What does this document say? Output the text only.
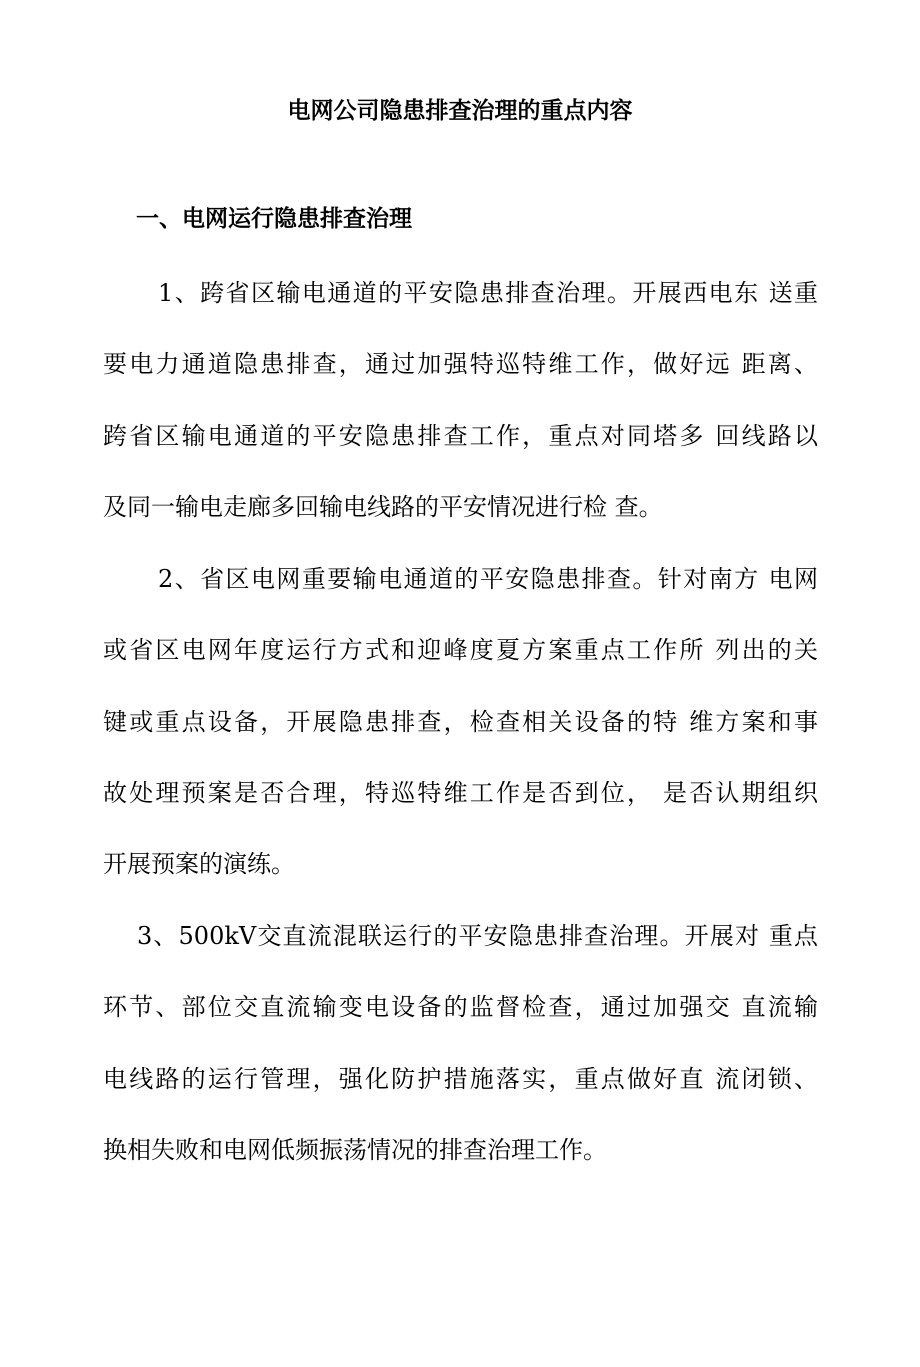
电网公司隐患排查治理的重点内容
一、电网运行隐患排查治理

1、跨省区输电通道的平安隐患排查治理。开展西电东 送重

要电力通道隐患排查，通过加强特巡特维工作，做好远 距离、

跨省区输电通道的平安隐患排查工作，重点对同塔多 回线路以

及同一输电走廊多回输电线路的平安情况进行检 查。

2、省区电网重要输电通道的平安隐患排查。针对南方 电网

或省区电网年度运行方式和迎峰度夏方案重点工作所 列出的关

键或重点设备，开展隐患排查，检查相关设备的特 维方案和事

故处理预案是否合理，特巡特维工作是否到位， 是否认期组织

开展预案的演练。

3、500kV交直流混联运行的平安隐患排查治理。开展对 重点

环节、部位交直流输变电设备的监督检查，通过加强交 直流输

电线路的运行管理，强化防护措施落实，重点做好直 流闭锁、

换相失败和电网低频振荡情况的排查治理工作。
